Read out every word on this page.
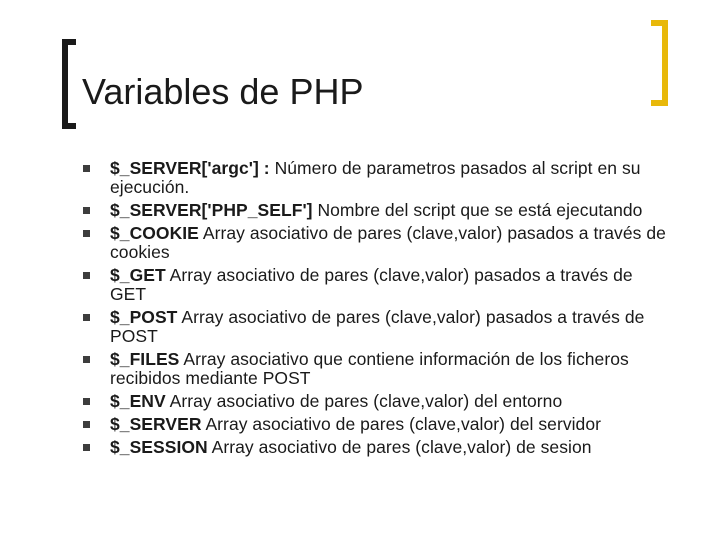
Variables de PHP
$_SERVER['argc'] : Número de parametros pasados al script en su ejecución.
$_SERVER['PHP_SELF'] Nombre del script que se está ejecutando
$_COOKIE Array asociativo de pares (clave,valor) pasados a través de cookies
$_GET Array asociativo de pares (clave,valor) pasados a través de GET
$_POST Array asociativo de pares (clave,valor) pasados a través de POST
$_FILES Array asociativo que contiene información de los ficheros recibidos mediante POST
$_ENV Array asociativo de pares (clave,valor) del entorno
$_SERVER Array asociativo de pares (clave,valor) del servidor
$_SESSION Array asociativo de pares (clave,valor) de sesion
